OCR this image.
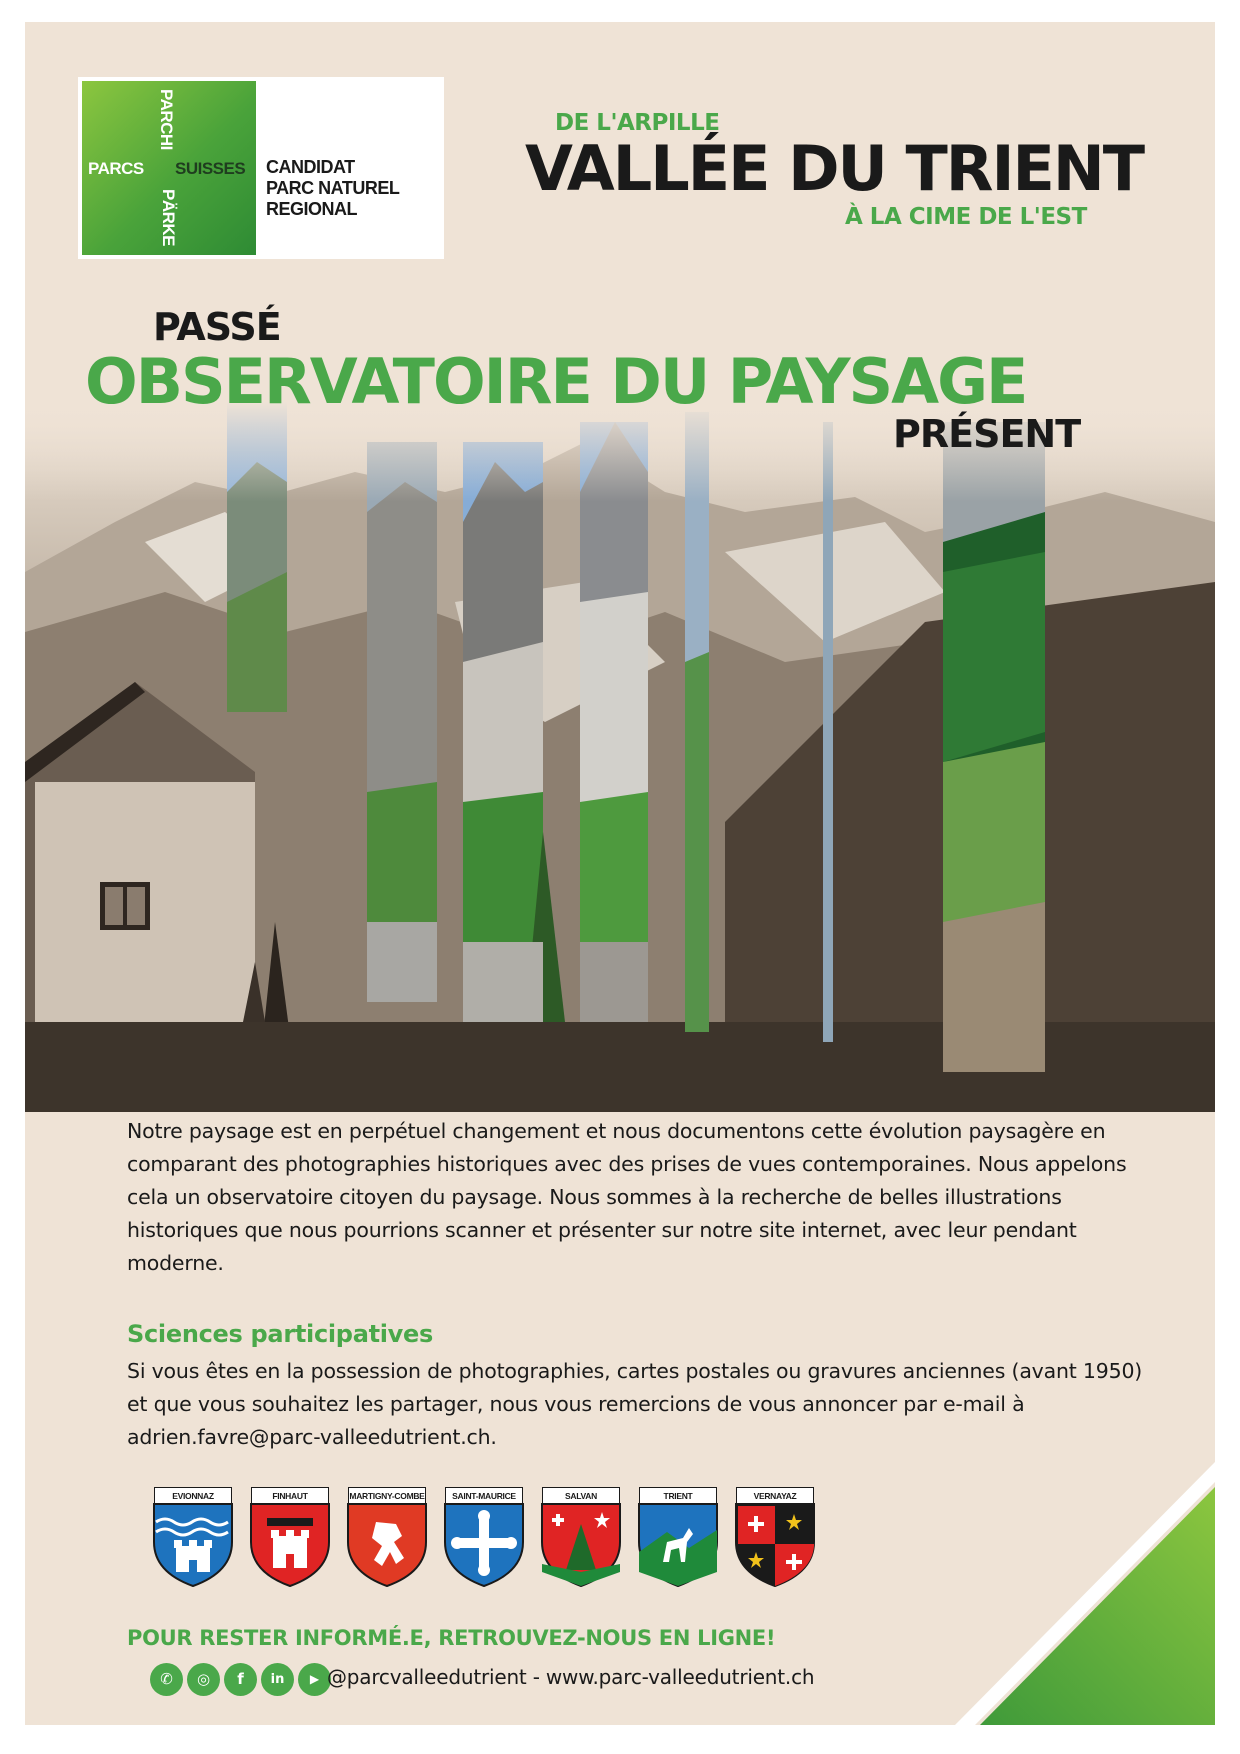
PARCHI
PARCS SUISSES
PÄRKE
CANDIDAT
PARC NATUREL
REGIONAL
DE L'ARPILLE
VALLÉE DU TRIENT
À LA CIME DE L'EST
PASSÉ
OBSERVATOIRE DU PAYSAGE
PRÉSENT

Notre paysage est en perpétuel changement et nous documentons cette évolution paysagère en comparant des photographies historiques avec des prises de vues contemporaines. Nous appelons cela un observatoire citoyen du paysage. Nous sommes à la recherche de belles illustrations historiques que nous pourrions scanner et présenter sur notre site internet, avec leur pendant moderne.

Sciences participatives

Si vous êtes en la possession de photographies, cartes postales ou gravures anciennes (avant 1950) et que vous souhaitez les partager, nous vous remercions de vous annoncer par e-mail à adrien.favre@parc-valleedutrient.ch.

EVIONNAZ	FINHAUT	MARTIGNY-COMBE	SAINT-MAURICE	SALVAN	TRIENT	VERNAYAZ
POUR RESTER INFORMÉ.E, RETROUVEZ-NOUS EN LIGNE!
✆	◎	f	in	▶ @parcvalleedutrient - www.parc-valleedutrient.ch
